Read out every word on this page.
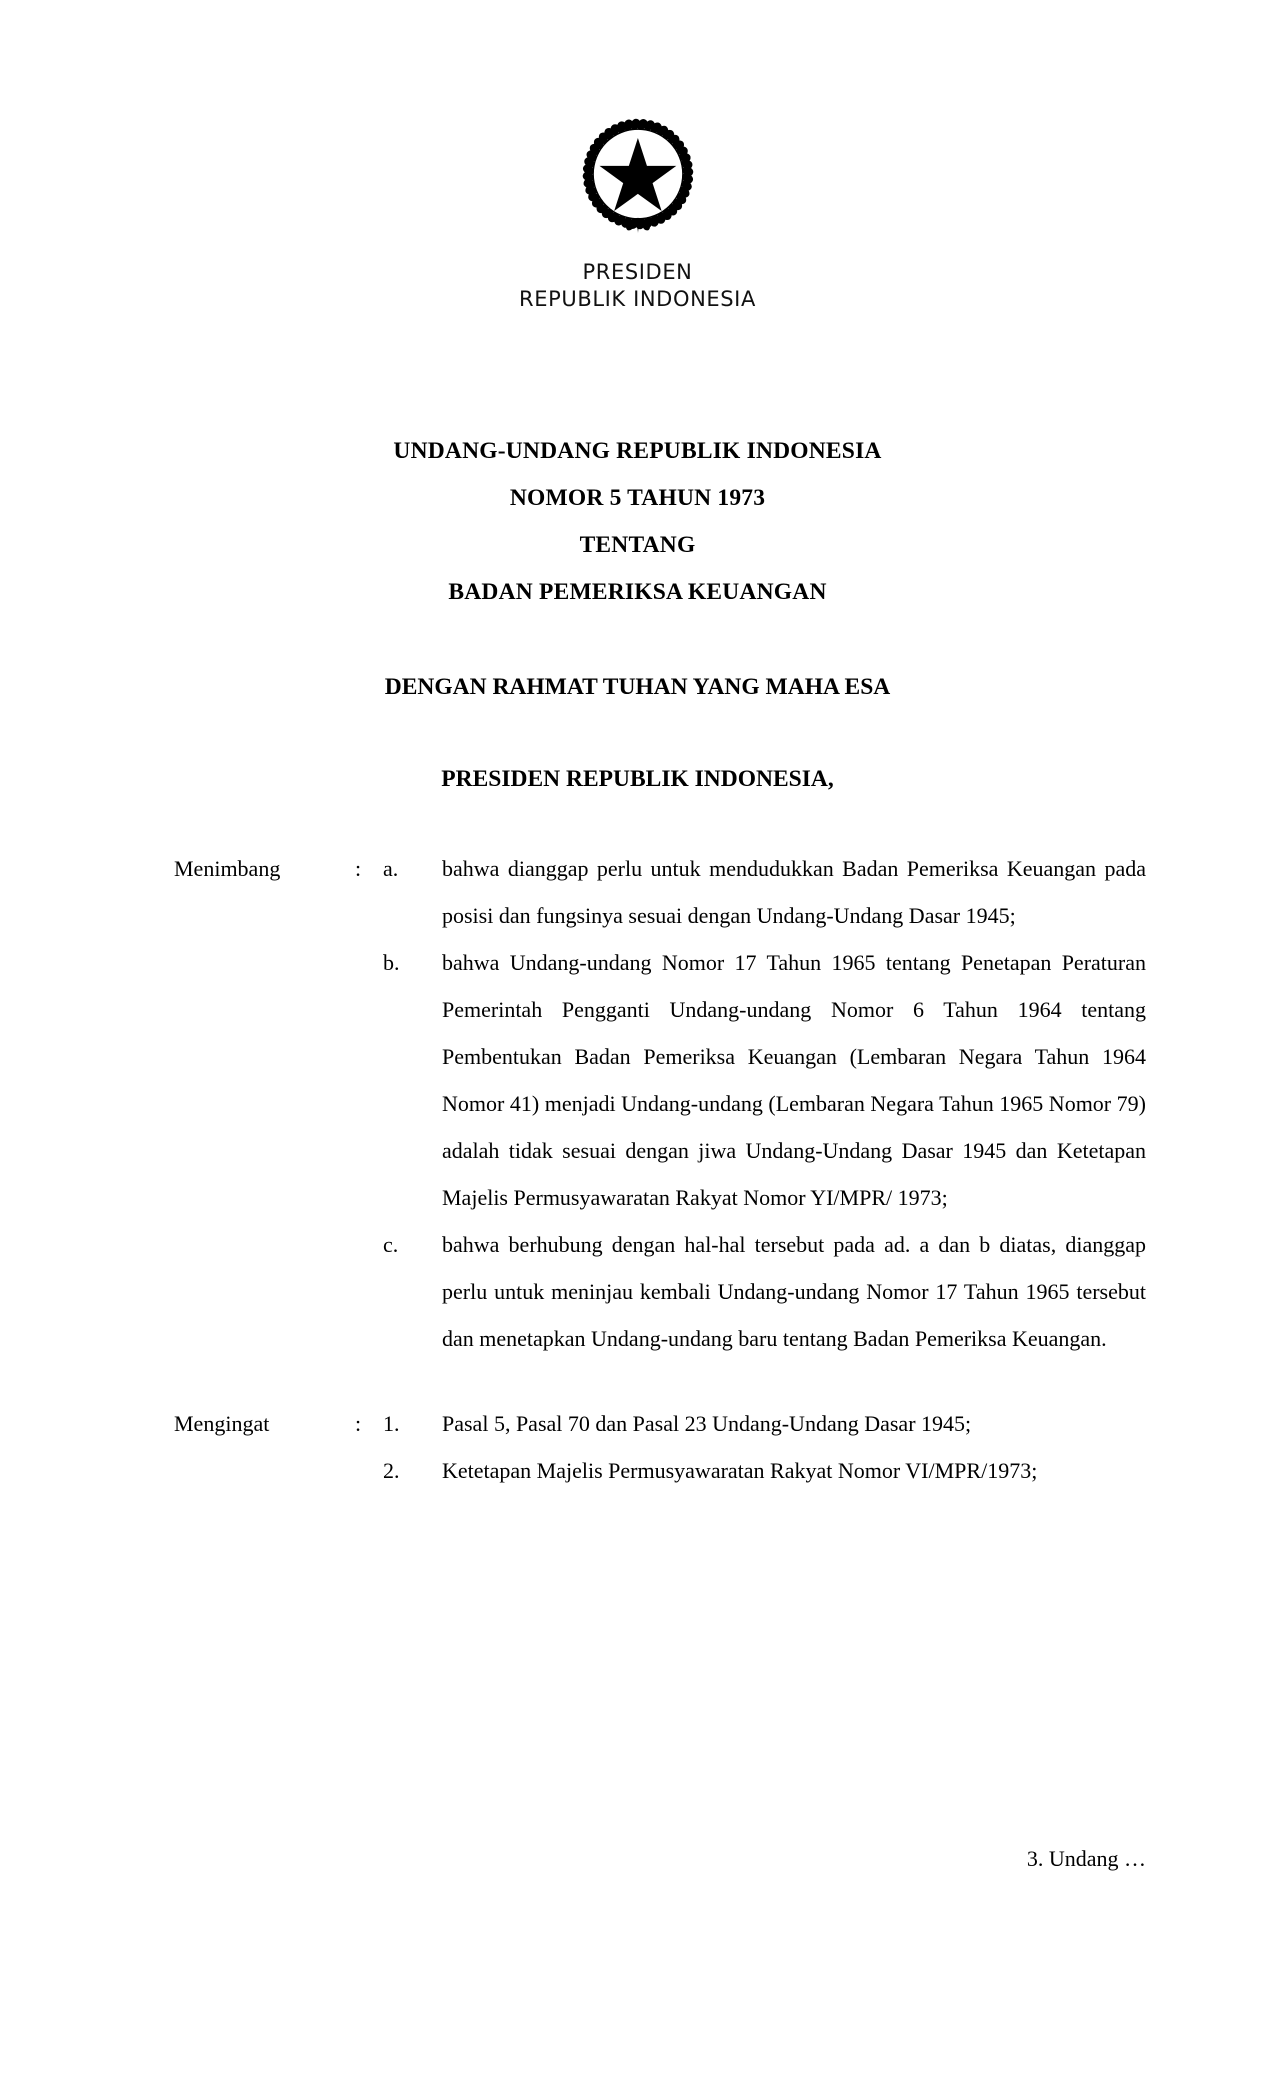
PRESIDEN
REPUBLIK INDONESIA
UNDANG-UNDANG REPUBLIK INDONESIA
NOMOR 5 TAHUN 1973
TENTANG
BADAN PEMERIKSA KEUANGAN
DENGAN RAHMAT TUHAN YANG MAHA ESA
PRESIDEN REPUBLIK INDONESIA,
Menimbang	: a.	bahwa dianggap perlu untuk mendudukkan Badan Pemeriksa Keuangan pada posisi dan fungsinya sesuai dengan Undang-Undang Dasar 1945;
b.	bahwa Undang-undang Nomor 17 Tahun 1965 tentang Penetapan Peraturan Pemerintah Pengganti Undang-undang Nomor 6 Tahun 1964 tentang Pembentukan Badan Pemeriksa Keuangan (Lembaran Negara Tahun 1964 Nomor 41) menjadi Undang-undang (Lembaran Negara Tahun 1965 Nomor 79) adalah tidak sesuai dengan jiwa Undang-Undang Dasar 1945 dan Ketetapan Majelis Permusyawaratan Rakyat Nomor YI/MPR/ 1973;
c.	bahwa berhubung dengan hal-hal tersebut pada ad. a dan b diatas, dianggap perlu untuk meninjau kembali Undang-undang Nomor 17 Tahun 1965 tersebut dan menetapkan Undang-undang baru tentang Badan Pemeriksa Keuangan.
Mengingat	: 1.	Pasal 5, Pasal 70 dan Pasal 23 Undang-Undang Dasar 1945;
2.	Ketetapan Majelis Permusyawaratan Rakyat Nomor VI/MPR/1973;
3. Undang …
